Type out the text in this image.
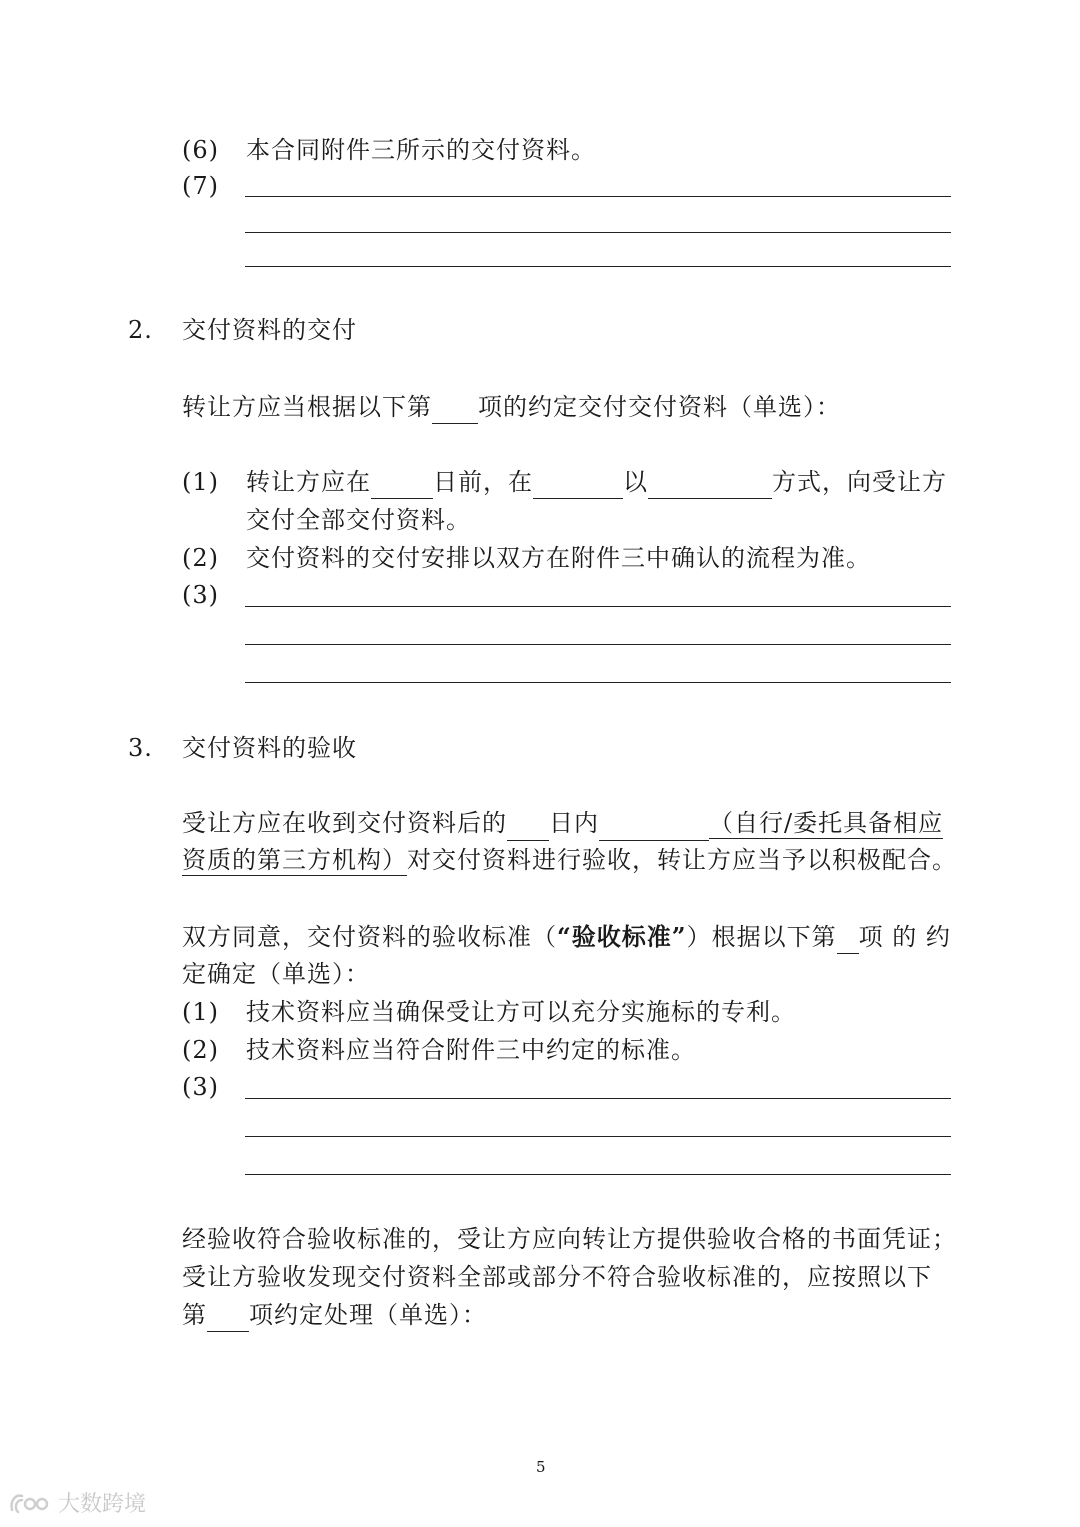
(6) 本合同附件三所示的交付资料。
(7)
2. 交付资料的交付
转让方应当根据以下第 项的约定交付交付资料（单选）：
(1) 转让方应在	日前，在	以	方式，向受让方
交付全部交付资料。
(2) 交付资料的交付安排以双方在附件三中确认的流程为准。
(3)
3. 交付资料的验收
受让方应在收到交付资料后的 日内	（自行/委托具备相应
资质的第三方机构）对交付资料进行验收，转让方应当予以积极配合。
双方同意，交付资料的验收标准（“验收标准”）根据以下第 项 的 约
定确定（单选）：
(1) 技术资料应当确保受让方可以充分实施标的专利。
(2) 技术资料应当符合附件三中约定的标准。
(3)
经验收符合验收标准的，受让方应向转让方提供验收合格的书面凭证；
受让方验收发现交付资料全部或部分不符合验收标准的，应按照以下
第 项约定处理（单选）：
5
大数跨境
